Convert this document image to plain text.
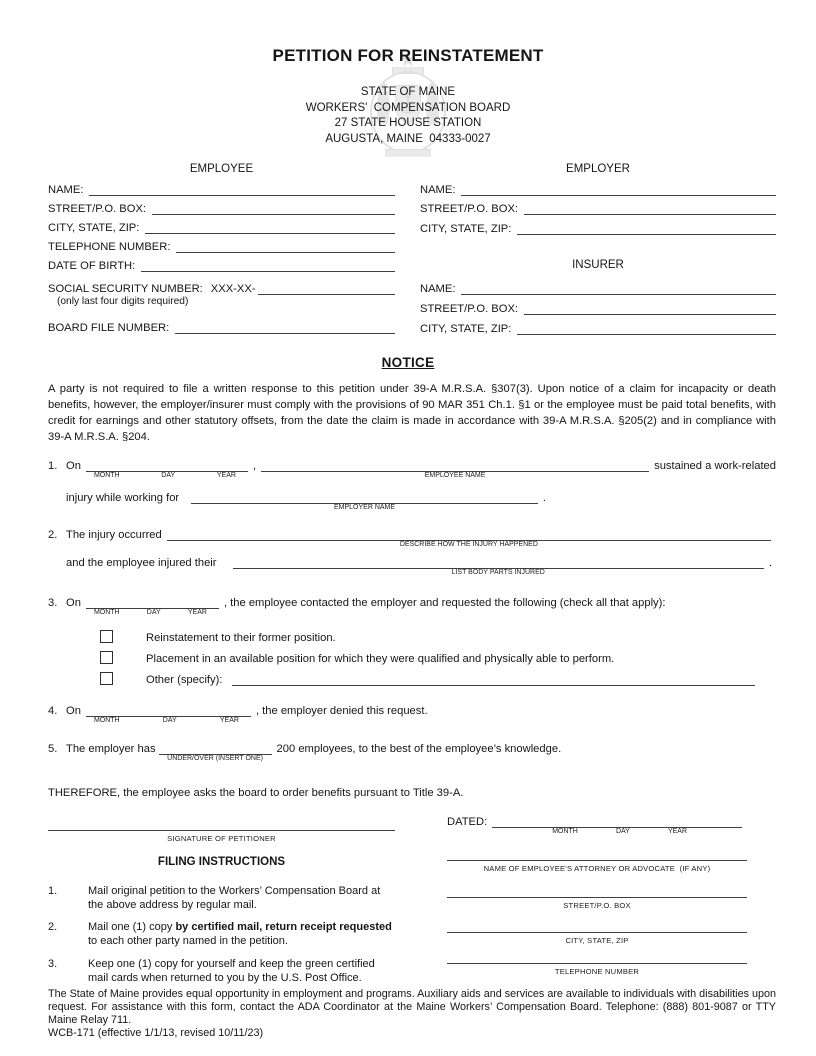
PETITION FOR REINSTATEMENT
STATE OF MAINE
WORKERS'  COMPENSATION BOARD
27 STATE HOUSE STATION
AUGUSTA, MAINE  04333-0027
EMPLOYEE	EMPLOYER
NAME:
STREET/P.O. BOX:
CITY, STATE, ZIP:
TELEPHONE NUMBER:
DATE OF BIRTH:
SOCIAL SECURITY NUMBER: XXX-XX-
(only last four digits required)
BOARD FILE NUMBER:
NAME:
STREET/P.O. BOX:
CITY, STATE, ZIP:
INSURER
NAME:
STREET/P.O. BOX:
CITY, STATE, ZIP:
NOTICE
A party is not required to file a written response to this petition under 39-A M.R.S.A. §307(3). Upon notice of a claim for incapacity or death benefits, however, the employer/insurer must comply with the provisions of 90 MAR 351 Ch.1. §1 or the employee must be paid total benefits, with credit for earnings and other statutory offsets, from the date the claim is made in accordance with 39-A M.R.S.A. §205(2) and in compliance with 39-A M.R.S.A. §204.
1. On
MONTH	DAY	YEAR
,
EMPLOYEE NAME
sustained a work-related
injury while working for
EMPLOYER NAME
.
2. The injury occurred
DESCRIBE HOW THE INJURY HAPPENED
and the employee injured their
LIST BODY PARTS INJURED
.
3. On
MONTH	DAY	YEAR
, the employee contacted the employer and requested the following (check all that apply):
Reinstatement to their former position.
Placement in an available position for which they were qualified and physically able to perform.
Other (specify):
4. On
MONTH	DAY	YEAR
, the employer denied this request.
5. The employer has
UNDER/OVER (INSERT ONE)
200 employees, to the best of the employee’s knowledge.
THEREFORE, the employee asks the board to order benefits pursuant to Title 39-A.
SIGNATURE OF PETITIONER
DATED:
MONTH	DAY	YEAR
NAME OF EMPLOYEE'S ATTORNEY OR ADVOCATE  (IF ANY)
STREET/P.O. BOX
CITY, STATE, ZIP
TELEPHONE NUMBER
FILING INSTRUCTIONS
1.	Mail original petition to the Workers’ Compensation Board at the above address by regular mail.
2.	Mail one (1) copy by certified mail, return receipt requested to each other party named in the petition.
3.	Keep one (1) copy for yourself and keep the green certified mail cards when returned to you by the U.S. Post Office.
The State of Maine provides equal opportunity in employment and programs. Auxiliary aids and services are available to individuals with disabilities upon request. For assistance with this form, contact the ADA Coordinator at the Maine Workers’ Compensation Board. Telephone: (888) 801-9087 or TTY Maine Relay 711.
WCB-171 (effective 1/1/13, revised 10/11/23)
